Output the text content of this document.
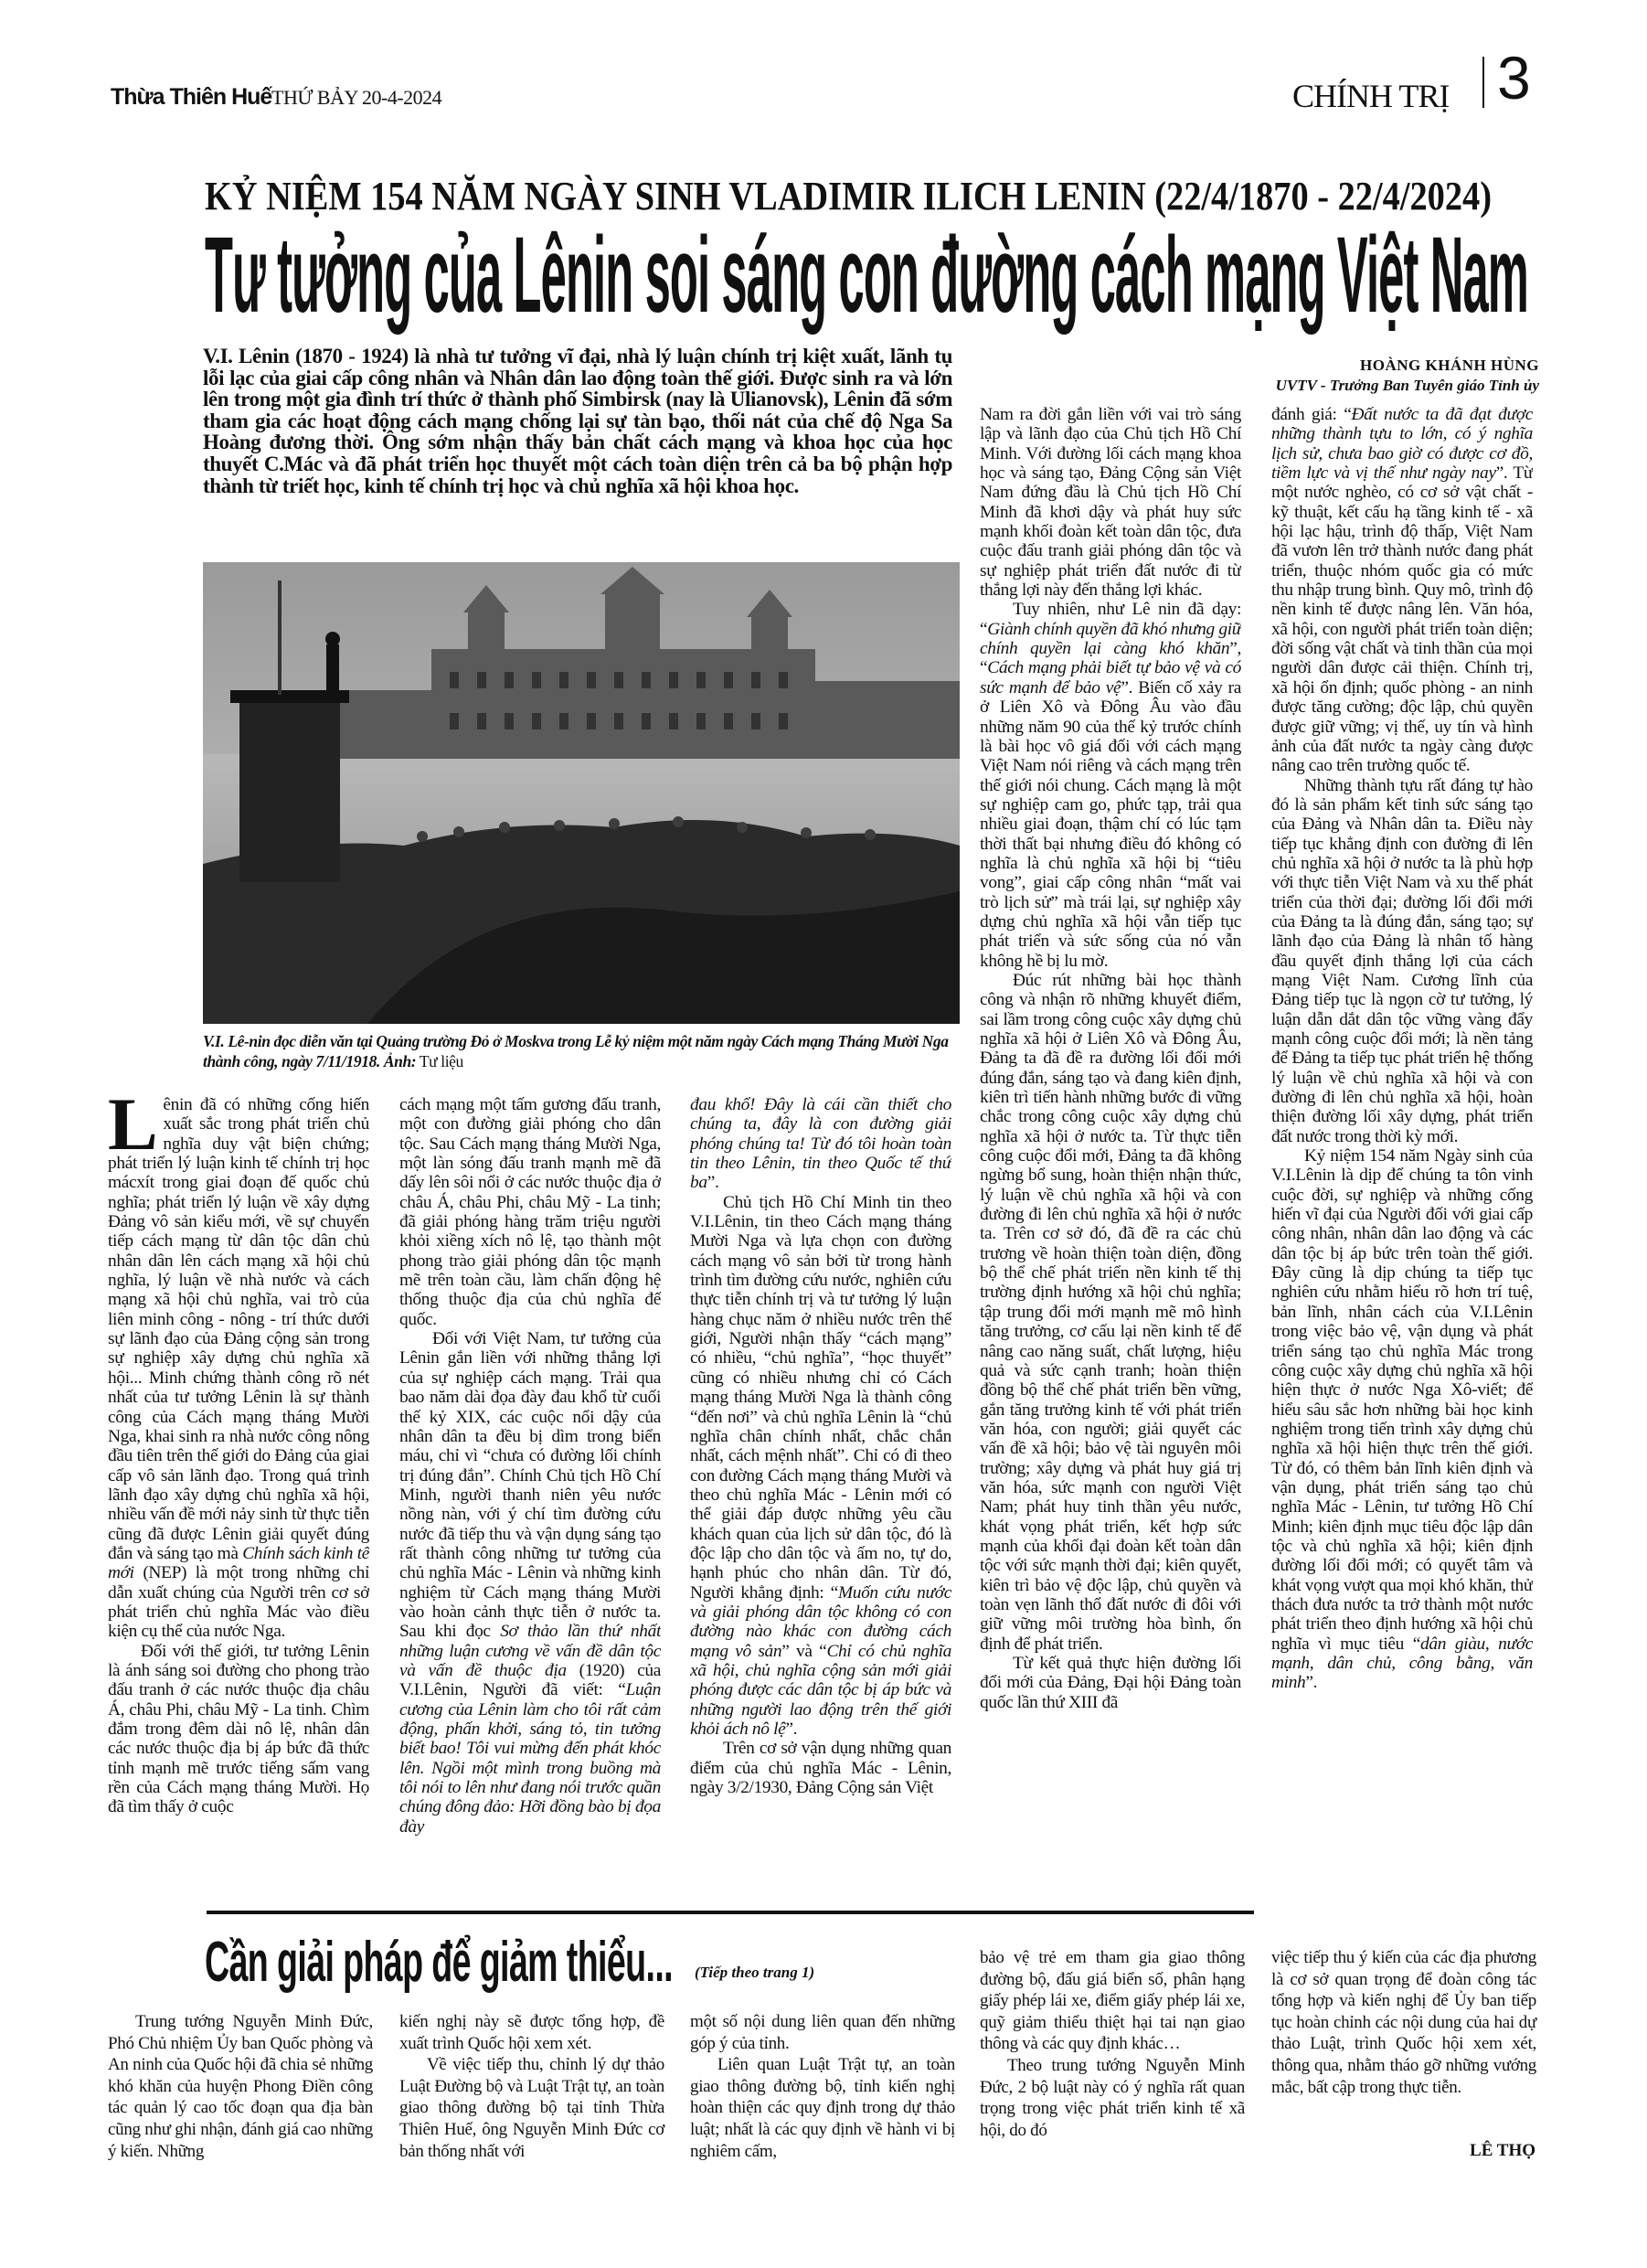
Thừa Thiên Huế THỨ BẢY 20-4-2024	CHÍNH TRỊ 3
KỶ NIỆM 154 NĂM NGÀY SINH VLADIMIR ILICH LENIN (22/4/1870 - 22/4/2024)
Tư tưởng của Lênin soi sáng con đường cách mạng Việt Nam
V.I. Lênin (1870 - 1924) là nhà tư tưởng vĩ đại, nhà lý luận chính trị kiệt xuất, lãnh tụ lỗi lạc của giai cấp công nhân và Nhân dân lao động toàn thế giới. Được sinh ra và lớn lên trong một gia đình trí thức ở thành phố Simbirsk (nay là Ulianovsk), Lênin đã sớm tham gia các hoạt động cách mạng chống lại sự tàn bạo, thối nát của chế độ Nga Sa Hoàng đương thời. Ông sớm nhận thấy bản chất cách mạng và khoa học của học thuyết C.Mác và đã phát triển học thuyết một cách toàn diện trên cả ba bộ phận hợp thành từ triết học, kinh tế chính trị học và chủ nghĩa xã hội khoa học.
HOÀNG KHÁNH HÙNG
UVTV - Trưởng Ban Tuyên giáo Tỉnh ủy
V.I. Lê-nin đọc diễn văn tại Quảng trường Đỏ ở Moskva trong Lễ kỷ niệm một năm ngày Cách mạng Tháng Mười Nga thành công, ngày 7/11/1918. Ảnh: Tư liệu

Lênin đã có những cống hiến xuất sắc trong phát triển chủ nghĩa duy vật biện chứng; phát triển lý luận kinh tế chính trị học mácxít trong giai đoạn đế quốc chủ nghĩa; phát triển lý luận về xây dựng Đảng vô sản kiểu mới, về sự chuyển tiếp cách mạng từ dân tộc dân chủ nhân dân lên cách mạng xã hội chủ nghĩa, lý luận về nhà nước và cách mạng xã hội chủ nghĩa, vai trò của liên minh công - nông - trí thức dưới sự lãnh đạo của Đảng cộng sản trong sự nghiệp xây dựng chủ nghĩa xã hội... Minh chứng thành công rõ nét nhất của tư tưởng Lênin là sự thành công của Cách mạng tháng Mười Nga, khai sinh ra nhà nước công nông đầu tiên trên thế giới do Đảng của giai cấp vô sản lãnh đạo. Trong quá trình lãnh đạo xây dựng chủ nghĩa xã hội, nhiều vấn đề mới nảy sinh từ thực tiễn cũng đã được Lênin giải quyết đúng đắn và sáng tạo mà Chính sách kinh tế mới (NEP) là một trong những chỉ dẫn xuất chúng của Người trên cơ sở phát triển chủ nghĩa Mác vào điều kiện cụ thể của nước Nga.

Đối với thế giới, tư tưởng Lênin là ánh sáng soi đường cho phong trào đấu tranh ở các nước thuộc địa châu Á, châu Phi, châu Mỹ - La tinh. Chìm đắm trong đêm dài nô lệ, nhân dân các nước thuộc địa bị áp bức đã thức tỉnh mạnh mẽ trước tiếng sấm vang rền của Cách mạng tháng Mười. Họ đã tìm thấy ở cuộc

cách mạng một tấm gương đấu tranh, một con đường giải phóng cho dân tộc. Sau Cách mạng tháng Mười Nga, một làn sóng đấu tranh mạnh mẽ đã dấy lên sôi nổi ở các nước thuộc địa ở châu Á, châu Phi, châu Mỹ - La tinh; đã giải phóng hàng trăm triệu người khỏi xiềng xích nô lệ, tạo thành một phong trào giải phóng dân tộc mạnh mẽ trên toàn cầu, làm chấn động hệ thống thuộc địa của chủ nghĩa đế quốc.

Đối với Việt Nam, tư tưởng của Lênin gắn liền với những thắng lợi của sự nghiệp cách mạng. Trải qua bao năm dài đọa đày đau khổ từ cuối thế kỷ XIX, các cuộc nổi dậy của nhân dân ta đều bị dìm trong biển máu, chỉ vì “chưa có đường lối chính trị đúng đắn”. Chính Chủ tịch Hồ Chí Minh, người thanh niên yêu nước nồng nàn, với ý chí tìm đường cứu nước đã tiếp thu và vận dụng sáng tạo rất thành công những tư tưởng của chủ nghĩa Mác - Lênin và những kinh nghiệm từ Cách mạng tháng Mười vào hoàn cảnh thực tiễn ở nước ta. Sau khi đọc Sơ thảo lần thứ nhất những luận cương về vấn đề dân tộc và vấn đề thuộc địa (1920) của V.I.Lênin, Người đã viết: “Luận cương của Lênin làm cho tôi rất cảm động, phấn khởi, sáng tỏ, tin tưởng biết bao! Tôi vui mừng đến phát khóc lên. Ngồi một mình trong buồng mà tôi nói to lên như đang nói trước quần chúng đông đảo: Hỡi đồng bào bị đọa đày

đau khổ! Đây là cái cần thiết cho chúng ta, đây là con đường giải phóng chúng ta! Từ đó tôi hoàn toàn tin theo Lênin, tin theo Quốc tế thứ ba”.

Chủ tịch Hồ Chí Minh tin theo V.I.Lênin, tin theo Cách mạng tháng Mười Nga và lựa chọn con đường cách mạng vô sản bởi từ trong hành trình tìm đường cứu nước, nghiên cứu thực tiễn chính trị và tư tưởng lý luận hàng chục năm ở nhiều nước trên thế giới, Người nhận thấy “cách mạng” có nhiều, “chủ nghĩa”, “học thuyết” cũng có nhiều nhưng chỉ có Cách mạng tháng Mười Nga là thành công “đến nơi” và chủ nghĩa Lênin là “chủ nghĩa chân chính nhất, chắc chắn nhất, cách mệnh nhất”. Chỉ có đi theo con đường Cách mạng tháng Mười và theo chủ nghĩa Mác - Lênin mới có thể giải đáp được những yêu cầu khách quan của lịch sử dân tộc, đó là độc lập cho dân tộc và ấm no, tự do, hạnh phúc cho nhân dân. Từ đó, Người khẳng định: “Muốn cứu nước và giải phóng dân tộc không có con đường nào khác con đường cách mạng vô sản” và “Chỉ có chủ nghĩa xã hội, chủ nghĩa cộng sản mới giải phóng được các dân tộc bị áp bức và những người lao động trên thế giới khỏi ách nô lệ”.

Trên cơ sở vận dụng những quan điểm của chủ nghĩa Mác - Lênin, ngày 3/2/1930, Đảng Cộng sản Việt

Nam ra đời gắn liền với vai trò sáng lập và lãnh đạo của Chủ tịch Hồ Chí Minh. Với đường lối cách mạng khoa học và sáng tạo, Đảng Cộng sản Việt Nam đứng đầu là Chủ tịch Hồ Chí Minh đã khơi dậy và phát huy sức mạnh khối đoàn kết toàn dân tộc, đưa cuộc đấu tranh giải phóng dân tộc và sự nghiệp phát triển đất nước đi từ thắng lợi này đến thắng lợi khác.

Tuy nhiên, như Lê nin đã dạy: “Giành chính quyền đã khó nhưng giữ chính quyền lại càng khó khăn”, “Cách mạng phải biết tự bảo vệ và có sức mạnh để bảo vệ”. Biến cố xảy ra ở Liên Xô và Đông Âu vào đầu những năm 90 của thế kỷ trước chính là bài học vô giá đối với cách mạng Việt Nam nói riêng và cách mạng trên thế giới nói chung. Cách mạng là một sự nghiệp cam go, phức tạp, trải qua nhiều giai đoạn, thậm chí có lúc tạm thời thất bại nhưng điều đó không có nghĩa là chủ nghĩa xã hội bị “tiêu vong”, giai cấp công nhân “mất vai trò lịch sử” mà trái lại, sự nghiệp xây dựng chủ nghĩa xã hội vẫn tiếp tục phát triển và sức sống của nó vẫn không hề bị lu mờ.

Đúc rút những bài học thành công và nhận rõ những khuyết điểm, sai lầm trong công cuộc xây dựng chủ nghĩa xã hội ở Liên Xô và Đông Âu, Đảng ta đã đề ra đường lối đổi mới đúng đắn, sáng tạo và đang kiên định, kiên trì tiến hành những bước đi vững chắc trong công cuộc xây dựng chủ nghĩa xã hội ở nước ta. Từ thực tiễn công cuộc đổi mới, Đảng ta đã không ngừng bổ sung, hoàn thiện nhận thức, lý luận về chủ nghĩa xã hội và con đường đi lên chủ nghĩa xã hội ở nước ta. Trên cơ sở đó, đã đề ra các chủ trương về hoàn thiện toàn diện, đồng bộ thể chế phát triển nền kinh tế thị trường định hướng xã hội chủ nghĩa; tập trung đổi mới mạnh mẽ mô hình tăng trưởng, cơ cấu lại nền kinh tế để nâng cao năng suất, chất lượng, hiệu quả và sức cạnh tranh; hoàn thiện đồng bộ thể chế phát triển bền vững, gắn tăng trưởng kinh tế với phát triển văn hóa, con người; giải quyết các vấn đề xã hội; bảo vệ tài nguyên môi trường; xây dựng và phát huy giá trị văn hóa, sức mạnh con người Việt Nam; phát huy tinh thần yêu nước, khát vọng phát triển, kết hợp sức mạnh của khối đại đoàn kết toàn dân tộc với sức mạnh thời đại; kiên quyết, kiên trì bảo vệ độc lập, chủ quyền và toàn vẹn lãnh thổ đất nước đi đôi với giữ vững môi trường hòa bình, ổn định để phát triển.

Từ kết quả thực hiện đường lối đổi mới của Đảng, Đại hội Đảng toàn quốc lần thứ XIII đã

đánh giá: “Đất nước ta đã đạt được những thành tựu to lớn, có ý nghĩa lịch sử, chưa bao giờ có được cơ đồ, tiềm lực và vị thế như ngày nay”. Từ một nước nghèo, có cơ sở vật chất - kỹ thuật, kết cấu hạ tầng kinh tế - xã hội lạc hậu, trình độ thấp, Việt Nam đã vươn lên trở thành nước đang phát triển, thuộc nhóm quốc gia có mức thu nhập trung bình. Quy mô, trình độ nền kinh tế được nâng lên. Văn hóa, xã hội, con người phát triển toàn diện; đời sống vật chất và tinh thần của mọi người dân được cải thiện. Chính trị, xã hội ổn định; quốc phòng - an ninh được tăng cường; độc lập, chủ quyền được giữ vững; vị thế, uy tín và hình ảnh của đất nước ta ngày càng được nâng cao trên trường quốc tế.

Những thành tựu rất đáng tự hào đó là sản phẩm kết tinh sức sáng tạo của Đảng và Nhân dân ta. Điều này tiếp tục khẳng định con đường đi lên chủ nghĩa xã hội ở nước ta là phù hợp với thực tiễn Việt Nam và xu thế phát triển của thời đại; đường lối đổi mới của Đảng ta là đúng đắn, sáng tạo; sự lãnh đạo của Đảng là nhân tố hàng đầu quyết định thắng lợi của cách mạng Việt Nam. Cương lĩnh của Đảng tiếp tục là ngọn cờ tư tưởng, lý luận dẫn dắt dân tộc vững vàng đẩy mạnh công cuộc đổi mới; là nền tảng để Đảng ta tiếp tục phát triển hệ thống lý luận về chủ nghĩa xã hội và con đường đi lên chủ nghĩa xã hội, hoàn thiện đường lối xây dựng, phát triển đất nước trong thời kỳ mới.

Kỷ niệm 154 năm Ngày sinh của V.I.Lênin là dịp để chúng ta tôn vinh cuộc đời, sự nghiệp và những cống hiến vĩ đại của Người đối với giai cấp công nhân, nhân dân lao động và các dân tộc bị áp bức trên toàn thế giới. Đây cũng là dịp chúng ta tiếp tục nghiên cứu nhằm hiểu rõ hơn trí tuệ, bản lĩnh, nhân cách của V.I.Lênin trong việc bảo vệ, vận dụng và phát triển sáng tạo chủ nghĩa Mác trong công cuộc xây dựng chủ nghĩa xã hội hiện thực ở nước Nga Xô-viết; để hiểu sâu sắc hơn những bài học kinh nghiệm trong tiến trình xây dựng chủ nghĩa xã hội hiện thực trên thế giới. Từ đó, có thêm bản lĩnh kiên định và vận dụng, phát triển sáng tạo chủ nghĩa Mác - Lênin, tư tưởng Hồ Chí Minh; kiên định mục tiêu độc lập dân tộc và chủ nghĩa xã hội; kiên định đường lối đổi mới; có quyết tâm và khát vọng vượt qua mọi khó khăn, thử thách đưa nước ta trở thành một nước phát triển theo định hướng xã hội chủ nghĩa vì mục tiêu “dân giàu, nước mạnh, dân chủ, công bằng, văn minh”.

Cần giải pháp để giảm thiểu...	(Tiếp theo trang 1)

Trung tướng Nguyễn Minh Đức, Phó Chủ nhiệm Ủy ban Quốc phòng và An ninh của Quốc hội đã chia sẻ những khó khăn của huyện Phong Điền công tác quản lý cao tốc đoạn qua địa bàn cũng như ghi nhận, đánh giá cao những ý kiến. Những

kiến nghị này sẽ được tổng hợp, đề xuất trình Quốc hội xem xét.

Về việc tiếp thu, chỉnh lý dự thảo Luật Đường bộ và Luật Trật tự, an toàn giao thông đường bộ tại tỉnh Thừa Thiên Huế, ông Nguyễn Minh Đức cơ bản thống nhất với

một số nội dung liên quan đến những góp ý của tỉnh.

Liên quan Luật Trật tự, an toàn giao thông đường bộ, tỉnh kiến nghị hoàn thiện các quy định trong dự thảo luật; nhất là các quy định về hành vi bị nghiêm cấm,

bảo vệ trẻ em tham gia giao thông đường bộ, đấu giá biển số, phân hạng giấy phép lái xe, điểm giấy phép lái xe, quỹ giảm thiểu thiệt hại tai nạn giao thông và các quy định khác…

Theo trung tướng Nguyễn Minh Đức, 2 bộ luật này có ý nghĩa rất quan trọng trong việc phát triển kinh tế xã hội, do đó

việc tiếp thu ý kiến của các địa phương là cơ sở quan trọng để đoàn công tác tổng hợp và kiến nghị để Ủy ban tiếp tục hoàn chỉnh các nội dung của hai dự thảo Luật, trình Quốc hội xem xét, thông qua, nhằm tháo gỡ những vướng mắc, bất cập trong thực tiễn.

LÊ THỌ
